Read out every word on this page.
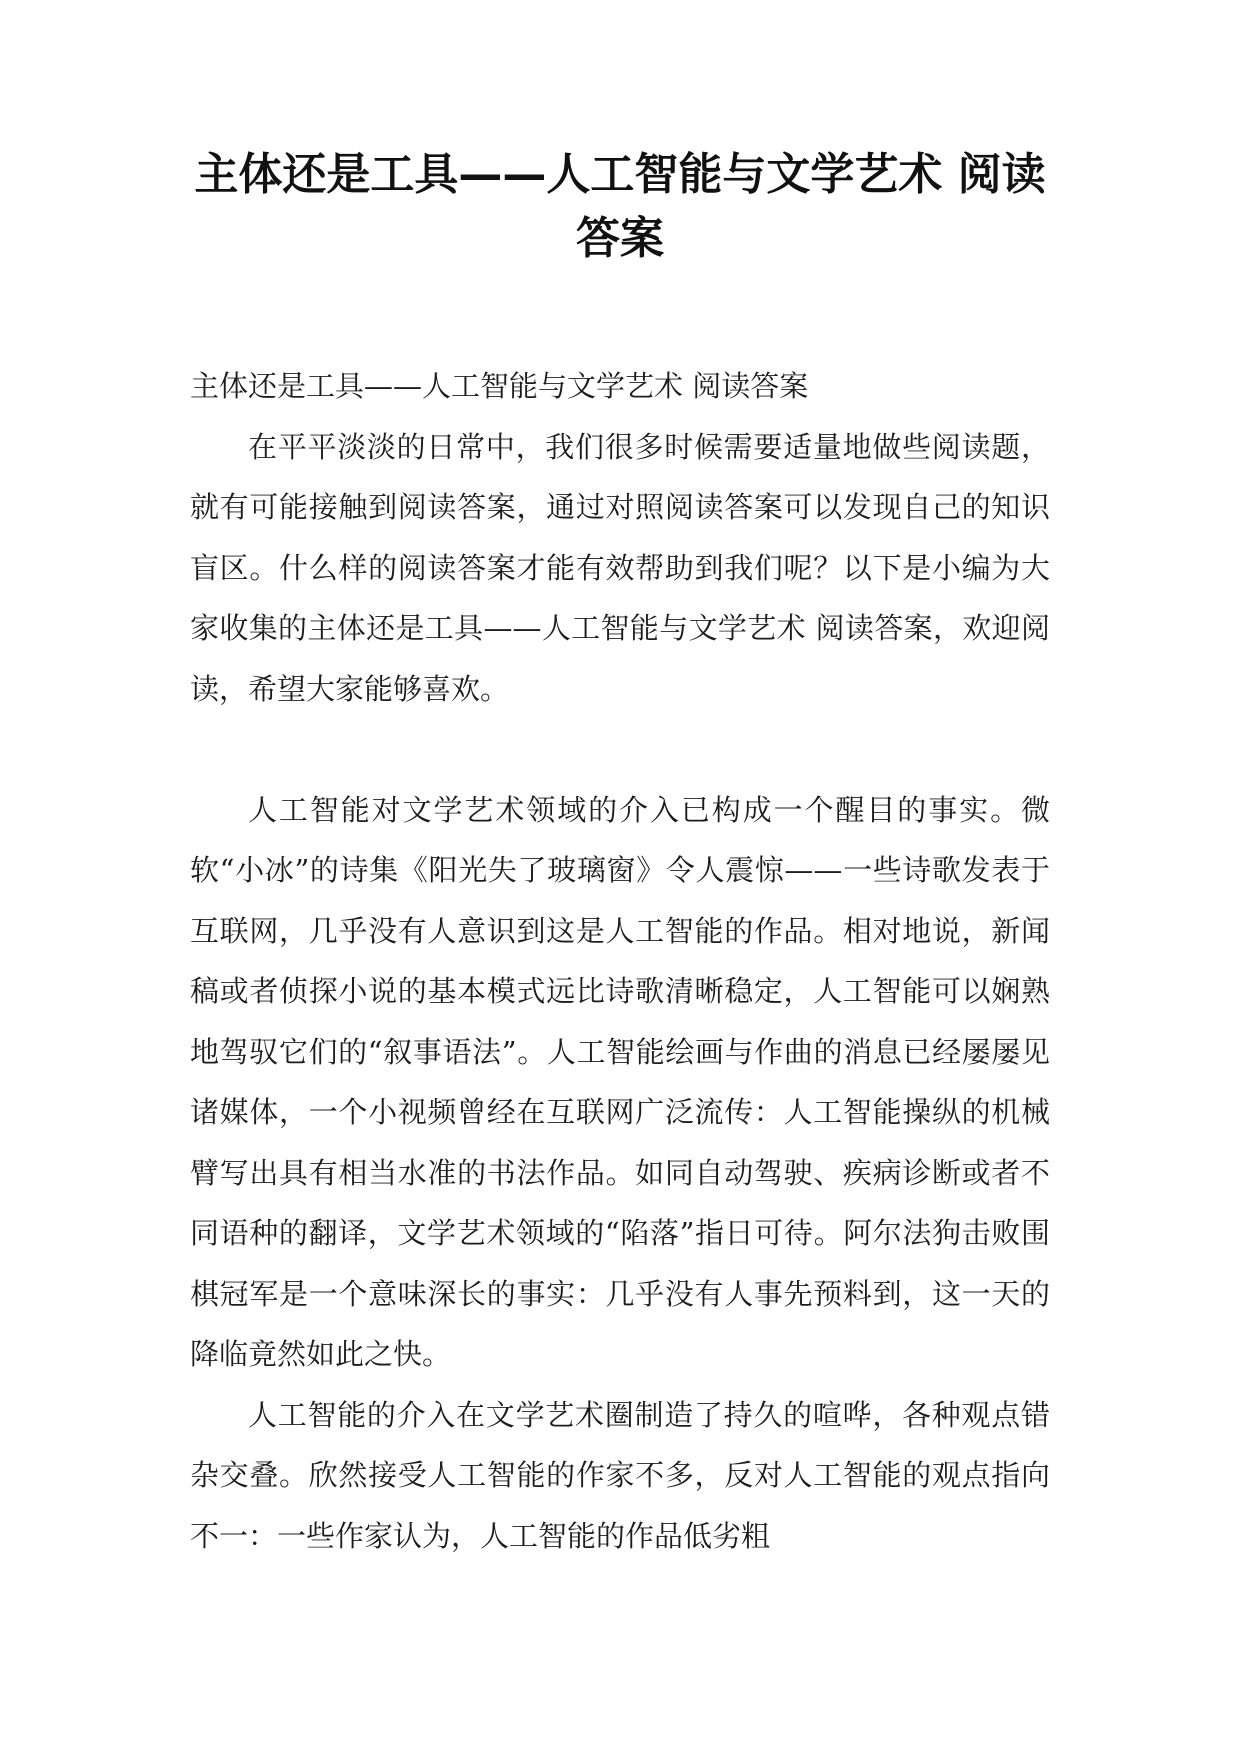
主体还是工具——人工智能与文学艺术 阅读答案

主体还是工具——人工智能与文学艺术 阅读答案

在平平淡淡的日常中，我们很多时候需要适量地做些阅读题，就有可能接触到阅读答案，通过对照阅读答案可以发现自己的知识盲区。什么样的阅读答案才能有效帮助到我们呢？以下是小编为大家收集的主体还是工具——人工智能与文学艺术 阅读答案，欢迎阅读，希望大家能够喜欢。

人工智能对文学艺术领域的介入已构成一个醒目的事实。微软“小冰”的诗集《阳光失了玻璃窗》令人震惊——一些诗歌发表于互联网，几乎没有人意识到这是人工智能的作品。相对地说，新闻稿或者侦探小说的基本模式远比诗歌清晰稳定，人工智能可以娴熟地驾驭它们的“叙事语法”。人工智能绘画与作曲的消息已经屡屡见诸媒体，一个小视频曾经在互联网广泛流传：人工智能操纵的机械臂写出具有相当水准的书法作品。如同自动驾驶、疾病诊断或者不同语种的翻译，文学艺术领域的“陷落”指日可待。阿尔法狗击败围棋冠军是一个意味深长的事实：几乎没有人事先预料到，这一天的降临竟然如此之快。

人工智能的介入在文学艺术圈制造了持久的喧哗，各种观点错杂交叠。欣然接受人工智能的作家不多，反对人工智能的观点指向不一：一些作家认为，人工智能的作品低劣粗
